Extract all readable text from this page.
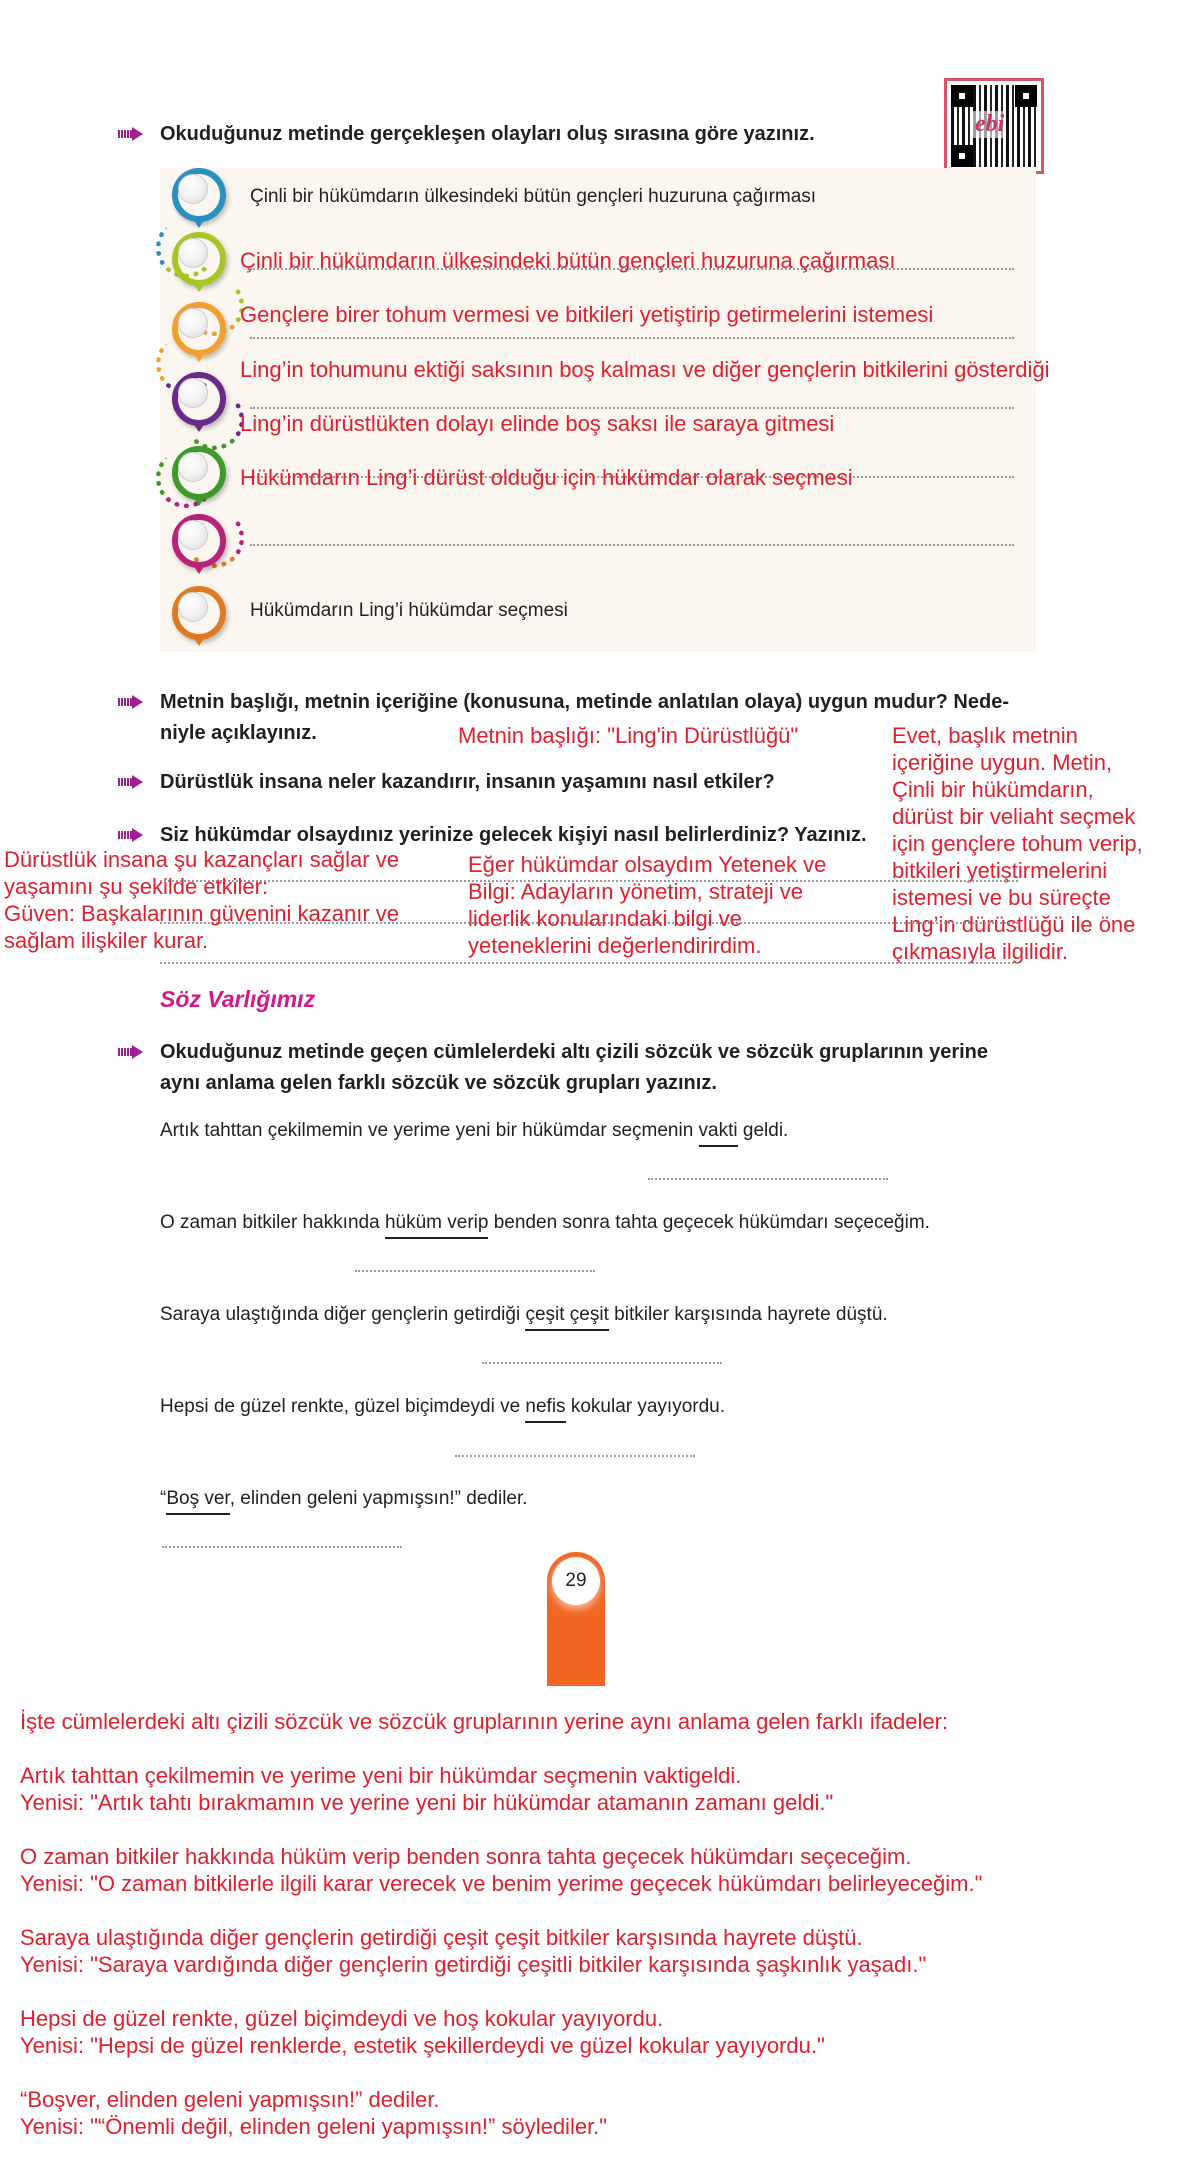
ebi
Okuduğunuz metinde gerçekleşen olayları oluş sırasına göre yazınız.
Çinli bir hükümdarın ülkesindeki bütün gençleri huzuruna çağırması
Çinli bir hükümdarın ülkesindeki bütün gençleri huzuruna çağırması
Gençlere birer tohum vermesi ve bitkileri yetiştirip getirmelerini istemesi
Ling’in tohumunu ektiği saksının boş kalması ve diğer gençlerin bitkilerini gösterdiği
Ling’in dürüstlükten dolayı elinde boş saksı ile saraya gitmesi
Hükümdarın Ling’i dürüst olduğu için hükümdar olarak seçmesi
Hükümdarın Ling’i hükümdar seçmesi
Metnin başlığı, metnin içeriğine (konusuna, metinde anlatılan olaya) uygun mudur? Nede-
niyle açıklayınız.	Metnin başlığı: "Ling'in Dürüstlüğü"	Evet, başlık metnin
içeriğine uygun. Metin,
Çinli bir hükümdarın,
dürüst bir veliaht seçmek
için gençlere tohum verip,
bitkileri yetiştirmelerini
istemesi ve bu süreçte
Ling’in dürüstlüğü ile öne
çıkmasıyla ilgilidir.
Dürüstlük insana neler kazandırır, insanın yaşamını nasıl etkiler?
Siz hükümdar olsaydınız yerinize gelecek kişiyi nasıl belirlerdiniz? Yazınız.
Dürüstlük insana şu kazançları sağlar ve
yaşamını şu şekilde etkiler:
Güven: Başkalarının güvenini kazanır ve
sağlam ilişkiler kurar.
Eğer hükümdar olsaydım Yetenek ve
Bilgi: Adayların yönetim, strateji ve
liderlik konularındaki bilgi ve
yeteneklerini değerlendirirdim.
Söz Varlığımız
Okuduğunuz metinde geçen cümlelerdeki altı çizili sözcük ve sözcük gruplarının yerine
aynı anlama gelen farklı sözcük ve sözcük grupları yazınız.
Artık tahttan çekilmemin ve yerime yeni bir hükümdar seçmenin vakti geldi.
O zaman bitkiler hakkında hüküm verip benden sonra tahta geçecek hükümdarı seçeceğim.
Saraya ulaştığında diğer gençlerin getirdiği çeşit çeşit bitkiler karşısında hayrete düştü.
Hepsi de güzel renkte, güzel biçimdeydi ve nefis kokular yayıyordu.
“Boş ver, elinden geleni yapmışsın!” dediler.
29
İşte cümlelerdeki altı çizili sözcük ve sözcük gruplarının yerine aynı anlama gelen farklı ifadeler:
Artık tahttan çekilmemin ve yerime yeni bir hükümdar seçmenin vaktigeldi.
Yenisi: "Artık tahtı bırakmamın ve yerine yeni bir hükümdar atamanın zamanı geldi."
O zaman bitkiler hakkında hüküm verip benden sonra tahta geçecek hükümdarı seçeceğim.
Yenisi: "O zaman bitkilerle ilgili karar verecek ve benim yerime geçecek hükümdarı belirleyeceğim."
Saraya ulaştığında diğer gençlerin getirdiği çeşit çeşit bitkiler karşısında hayrete düştü.
Yenisi: "Saraya vardığında diğer gençlerin getirdiği çeşitli bitkiler karşısında şaşkınlık yaşadı."
Hepsi de güzel renkte, güzel biçimdeydi ve hoş kokular yayıyordu.
Yenisi: "Hepsi de güzel renklerde, estetik şekillerdeydi ve güzel kokular yayıyordu."
“Boşver, elinden geleni yapmışsın!” dediler.
Yenisi: "“Önemli değil, elinden geleni yapmışsın!” söylediler."
